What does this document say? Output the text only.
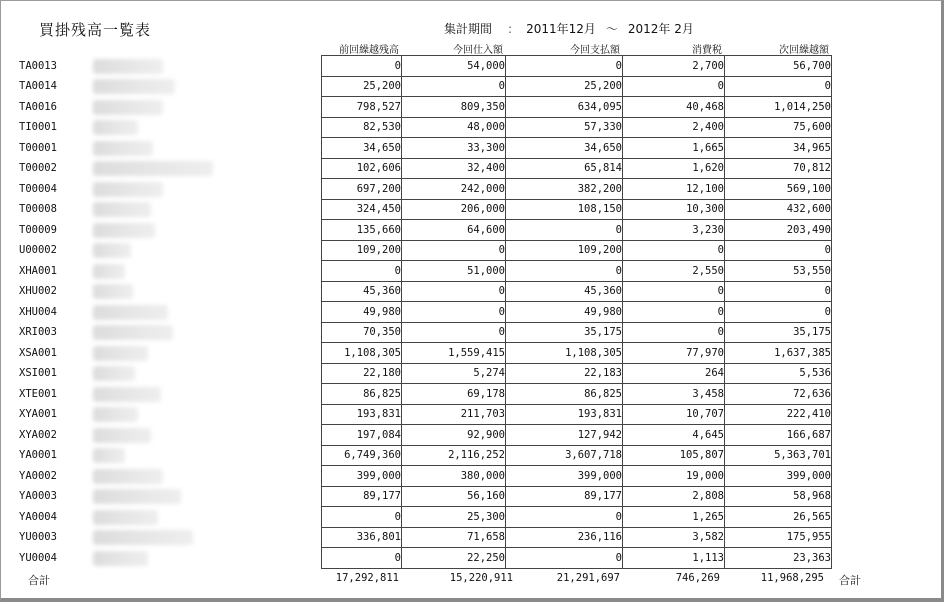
買掛残高一覧表	集計期間 : 2011年12月 ～ 2012年 2月
前回繰越残高	今回仕入額	今回支払額	消費税	次回繰越額
TA0013		0	54,000	0	2,700	56,700
TA0014		25,200	0	25,200	0	0
TA0016		798,527	809,350	634,095	40,468	1,014,250
TI0001		82,530	48,000	57,330	2,400	75,600
T00001		34,650	33,300	34,650	1,665	34,965
T00002		102,606	32,400	65,814	1,620	70,812
T00004		697,200	242,000	382,200	12,100	569,100
T00008		324,450	206,000	108,150	10,300	432,600
T00009		135,660	64,600	0	3,230	203,490
U00002		109,200	0	109,200	0	0
XHA001		0	51,000	0	2,550	53,550
XHU002		45,360	0	45,360	0	0
XHU004		49,980	0	49,980	0	0
XRI003		70,350	0	35,175	0	35,175
XSA001		1,108,305	1,559,415	1,108,305	77,970	1,637,385
XSI001		22,180	5,274	22,183	264	5,536
XTE001		86,825	69,178	86,825	3,458	72,636
XYA001		193,831	211,703	193,831	10,707	222,410
XYA002		197,084	92,900	127,942	4,645	166,687
YA0001		6,749,360	2,116,252	3,607,718	105,807	5,363,701
YA0002		399,000	380,000	399,000	19,000	399,000
YA0003		89,177	56,160	89,177	2,808	58,968
YA0004		0	25,300	0	1,265	26,565
YU0003		336,801	71,658	236,116	3,582	175,955
YU0004		0	22,250	0	1,113	23,363
合計	17,292,811	15,220,911	21,291,697	746,269	11,968,295 合計
